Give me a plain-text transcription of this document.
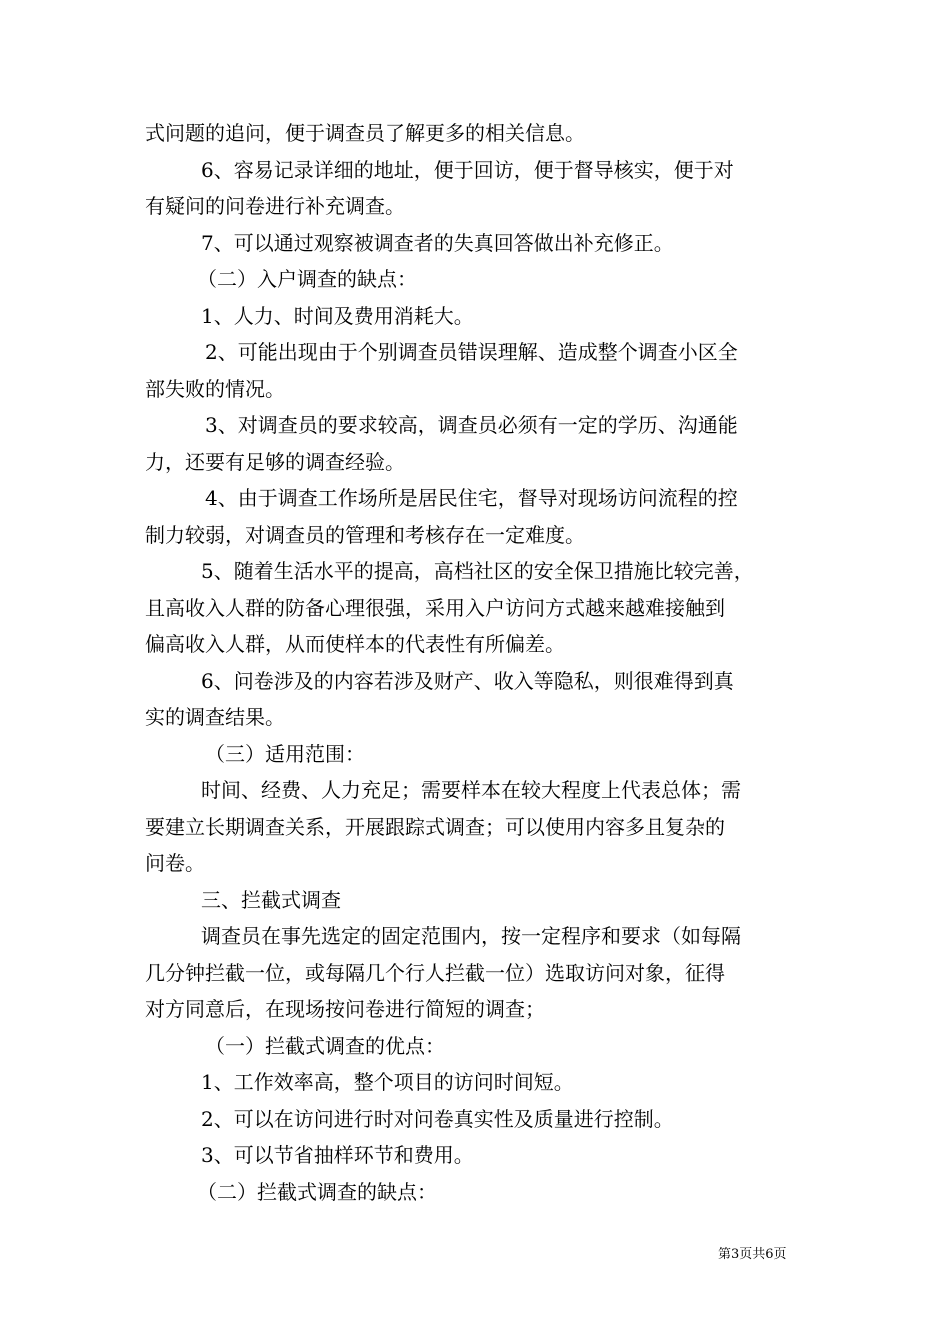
式问题的追问，便于调查员了解更多的相关信息。
6、容易记录详细的地址，便于回访，便于督导核实，便于对
有疑问的问卷进行补充调查。
7、可以通过观察被调查者的失真回答做出补充修正。
（二）入户调查的缺点：
1、人力、时间及费用消耗大。
2、可能出现由于个别调查员错误理解、造成整个调查小区全
部失败的情况。
3、对调查员的要求较高，调查员必须有一定的学历、沟通能
力，还要有足够的调查经验。
4、由于调查工作场所是居民住宅，督导对现场访问流程的控
制力较弱，对调查员的管理和考核存在一定难度。
5、随着生活水平的提高，高档社区的安全保卫措施比较完善，
且高收入人群的防备心理很强，采用入户访问方式越来越难接触到
偏高收入人群，从而使样本的代表性有所偏差。
6、问卷涉及的内容若涉及财产、收入等隐私，则很难得到真
实的调查结果。
（三）适用范围：
时间、经费、人力充足；需要样本在较大程度上代表总体；需
要建立长期调查关系，开展跟踪式调查；可以使用内容多且复杂的
问卷。
三、拦截式调查
调查员在事先选定的固定范围内，按一定程序和要求（如每隔
几分钟拦截一位，或每隔几个行人拦截一位）选取访问对象，征得
对方同意后，在现场按问卷进行简短的调查；
（一）拦截式调查的优点：
1、工作效率高，整个项目的访问时间短。
2、可以在访问进行时对问卷真实性及质量进行控制。
3、可以节省抽样环节和费用。
（二）拦截式调查的缺点：
第3页共6页
